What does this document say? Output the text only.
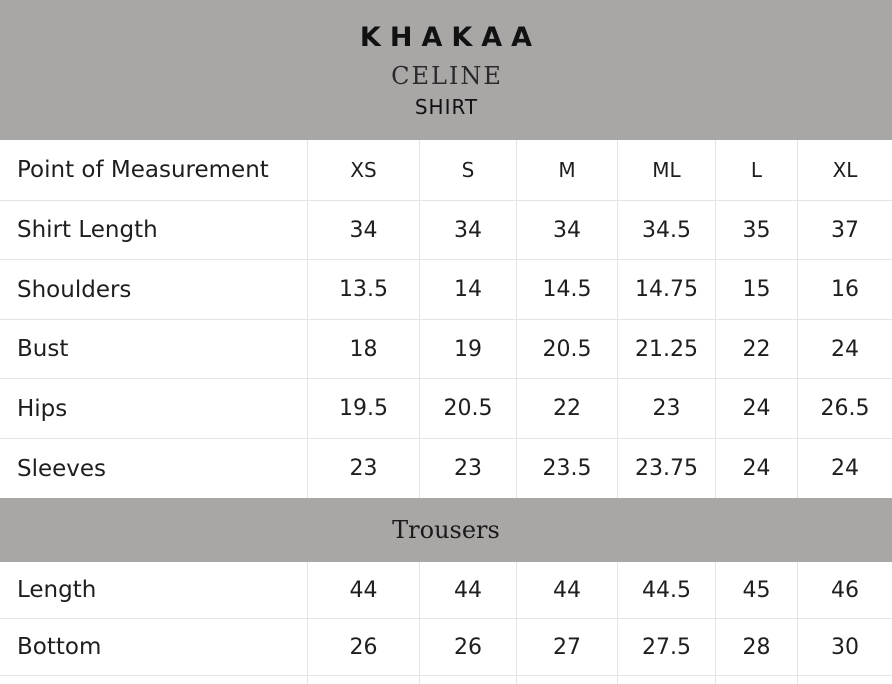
KHAKAA
CELINE
SHIRT
Point of Measurement	XS	S	M	ML	L	XL
Shirt Length	34	34	34	34.5	35	37
Shoulders	13.5	14	14.5	14.75	15	16
Bust	18	19	20.5	21.25	22	24
Hips	19.5	20.5	22	23	24	26.5
Sleeves	23	23	23.5	23.75	24	24
Trousers
Length	44	44	44	44.5	45	46
Bottom	26	26	27	27.5	28	30
